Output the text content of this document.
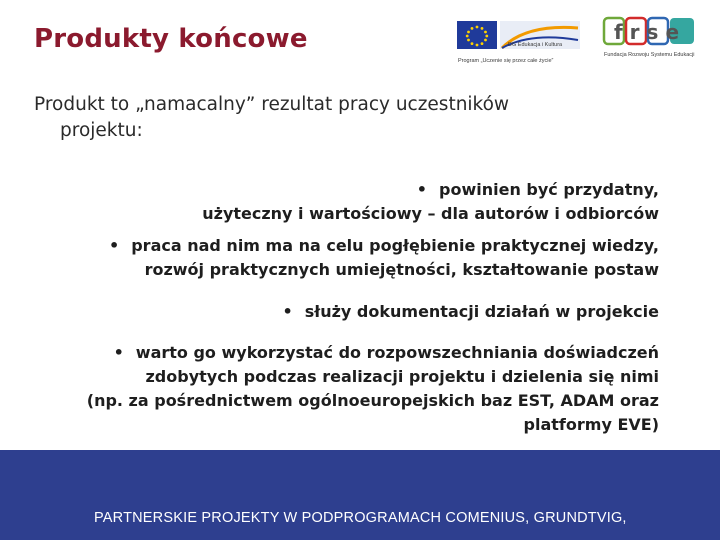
Produkty końcowe	DG Edukacja i Kultura
Program „Uczenie się przez całe życie”
frse
Fundacja Rozwoju Systemu Edukacji
Produkt to „namacalny” rezultat pracy uczestników
projektu:
• powinien być przydatny,
użyteczny i wartościowy – dla autorów i odbiorców
• praca nad nim ma na celu pogłębienie praktycznej wiedzy,
rozwój praktycznych umiejętności, kształtowanie postaw
• służy dokumentacji działań w projekcie
• warto go wykorzystać do rozpowszechniania doświadczeń
zdobytych podczas realizacji projektu i dzielenia się nimi
(np. za pośrednictwem ogólnoeuropejskich baz EST, ADAM oraz
platformy EVE)
PARTNERSKIE PROJEKTY W PODPROGRAMACH COMENIUS, GRUNDTVIG,
